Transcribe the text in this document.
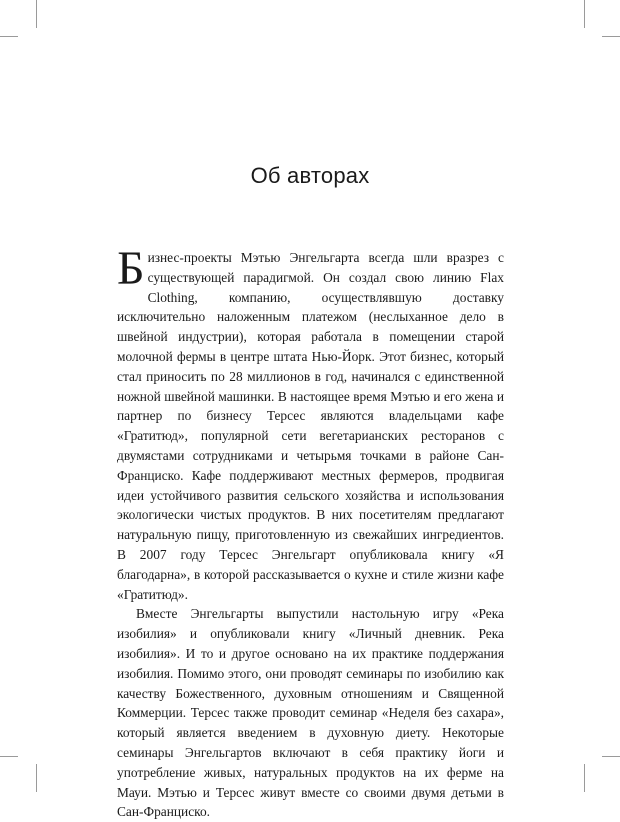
Об авторах

Бизнес-проекты Мэтью Энгельгарта всегда шли вразрез с существующей парадигмой. Он создал свою линию Flax Clothing, компанию, осуществлявшую доставку исключительно наложенным платежом (неслыханное дело в швейной индустрии), которая работала в помещении старой молочной фермы в центре штата Нью-Йорк. Этот бизнес, который стал приносить по 28 миллионов в год, начинался с единственной ножной швейной машинки. В настоящее время Мэтью и его жена и партнер по бизнесу Терсес являются владельцами кафе «Гратитюд», популярной сети вегетарианских ресторанов с двумястами сотрудниками и четырьмя точками в районе Сан-Франциско. Кафе поддерживают местных фермеров, продвигая идеи устойчивого развития сельского хозяйства и использования экологически чистых продуктов. В них посетителям предлагают натуральную пищу, приготовленную из свежайших ингредиентов. В 2007 году Терсес Энгельгарт опубликовала книгу «Я благодарна», в которой рассказывается о кухне и стиле жизни кафе «Гратитюд».

Вместе Энгельгарты выпустили настольную игру «Река изобилия» и опубликовали книгу «Личный дневник. Река изобилия». И то и другое основано на их практике поддержания изобилия. Помимо этого, они проводят семинары по изобилию как качеству Божественного, духовным отношениям и Священной Коммерции. Терсес также проводит семинар «Неделя без сахара», который является введением в духовную диету. Некоторые семинары Энгельгартов включают в себя практику йоги и употребление живых, натуральных продуктов на их ферме на Мауи. Мэтью и Терсес живут вместе со своими двумя детьми в Сан-Франциско.
